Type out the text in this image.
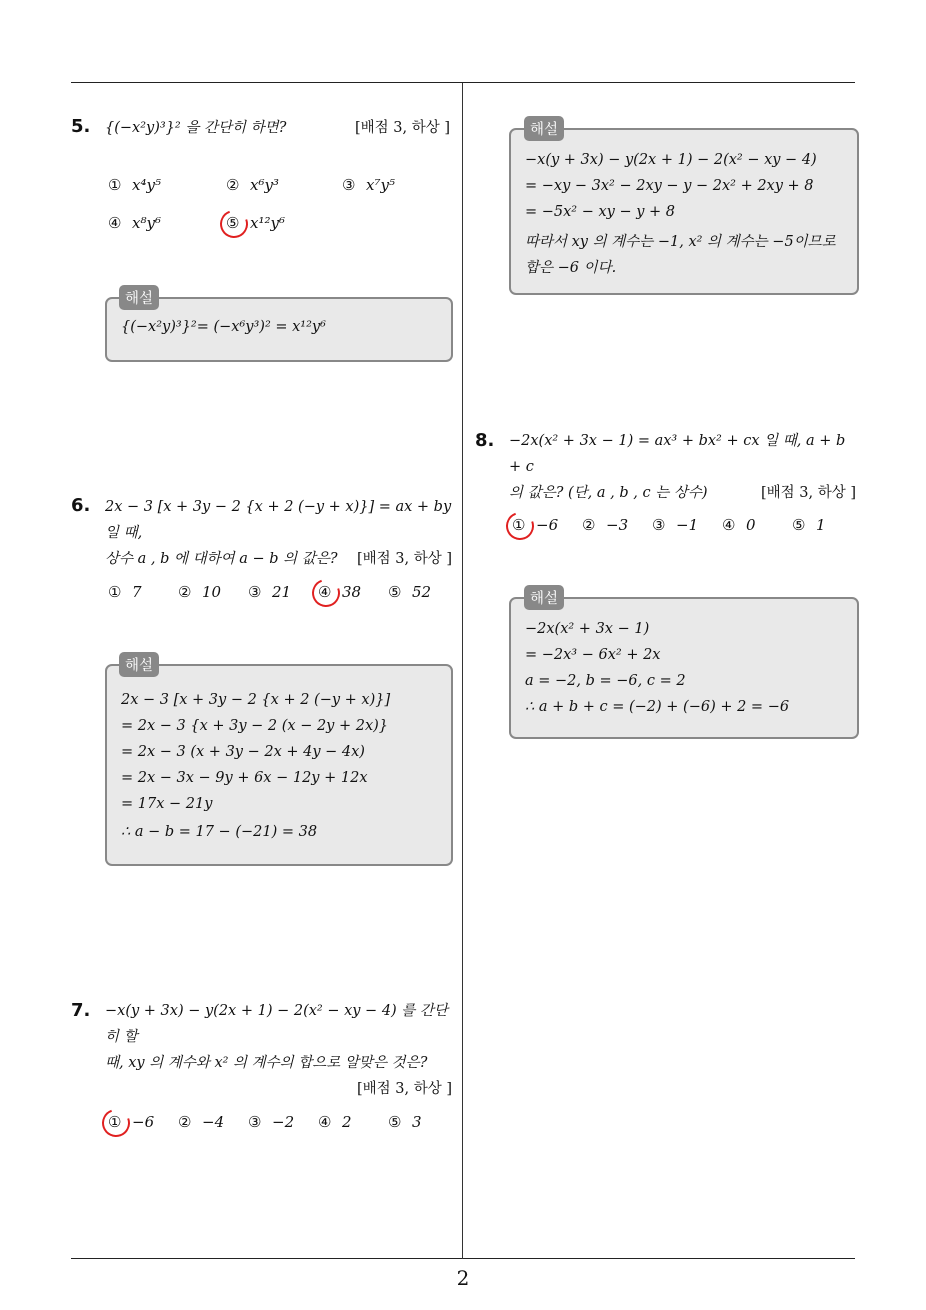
5. {(−x²y)³}² 을 간단히 하면?	[배점 3, 하상 ]
① x⁴y⁵	② x⁶y³	③ x⁷y⁵
④ x⁸y⁶	⑤ x¹²y⁶
{(−x²y)³}²= (−x⁶y³)² = x¹²y⁶
해설
6. 2x − 3 [x + 3y − 2 {x + 2 (−y + x)}] = ax + by 일 때,
상수 a , b 에 대하여 a − b 의 값은? [배점 3, 하상 ]
① 7 ② 10 ③ 21 ④ 38 ⑤ 52
2x − 3 [x + 3y − 2 {x + 2 (−y + x)}]
= 2x − 3 {x + 3y − 2 (x − 2y + 2x)}
= 2x − 3 (x + 3y − 2x + 4y − 4x)
= 2x − 3x − 9y + 6x − 12y + 12x
= 17x − 21y
∴ a − b = 17 − (−21) = 38
해설
7. −x(y + 3x) − y(2x + 1) − 2(x² − xy − 4) 를 간단히 할
때, xy 의 계수와 x² 의 계수의 합으로 알맞은 것은?
[배점 3, 하상 ]
① −6 ② −4 ③ −2 ④ 2 ⑤ 3
−x(y + 3x) − y(2x + 1) − 2(x² − xy − 4)
= −xy − 3x² − 2xy − y − 2x² + 2xy + 8
= −5x² − xy − y + 8
따라서 xy 의 계수는 −1, x² 의 계수는 −5이므로
합은 −6 이다.
해설
8. −2x(x² + 3x − 1) = ax³ + bx² + cx 일 때, a + b + c
의 값은? (단, a , b , c 는 상수)	[배점 3, 하상 ]
① −6 ② −3 ③ −1 ④ 0 ⑤ 1
−2x(x² + 3x − 1)
= −2x³ − 6x² + 2x
a = −2, b = −6, c = 2
∴ a + b + c = (−2) + (−6) + 2 = −6
해설
2
